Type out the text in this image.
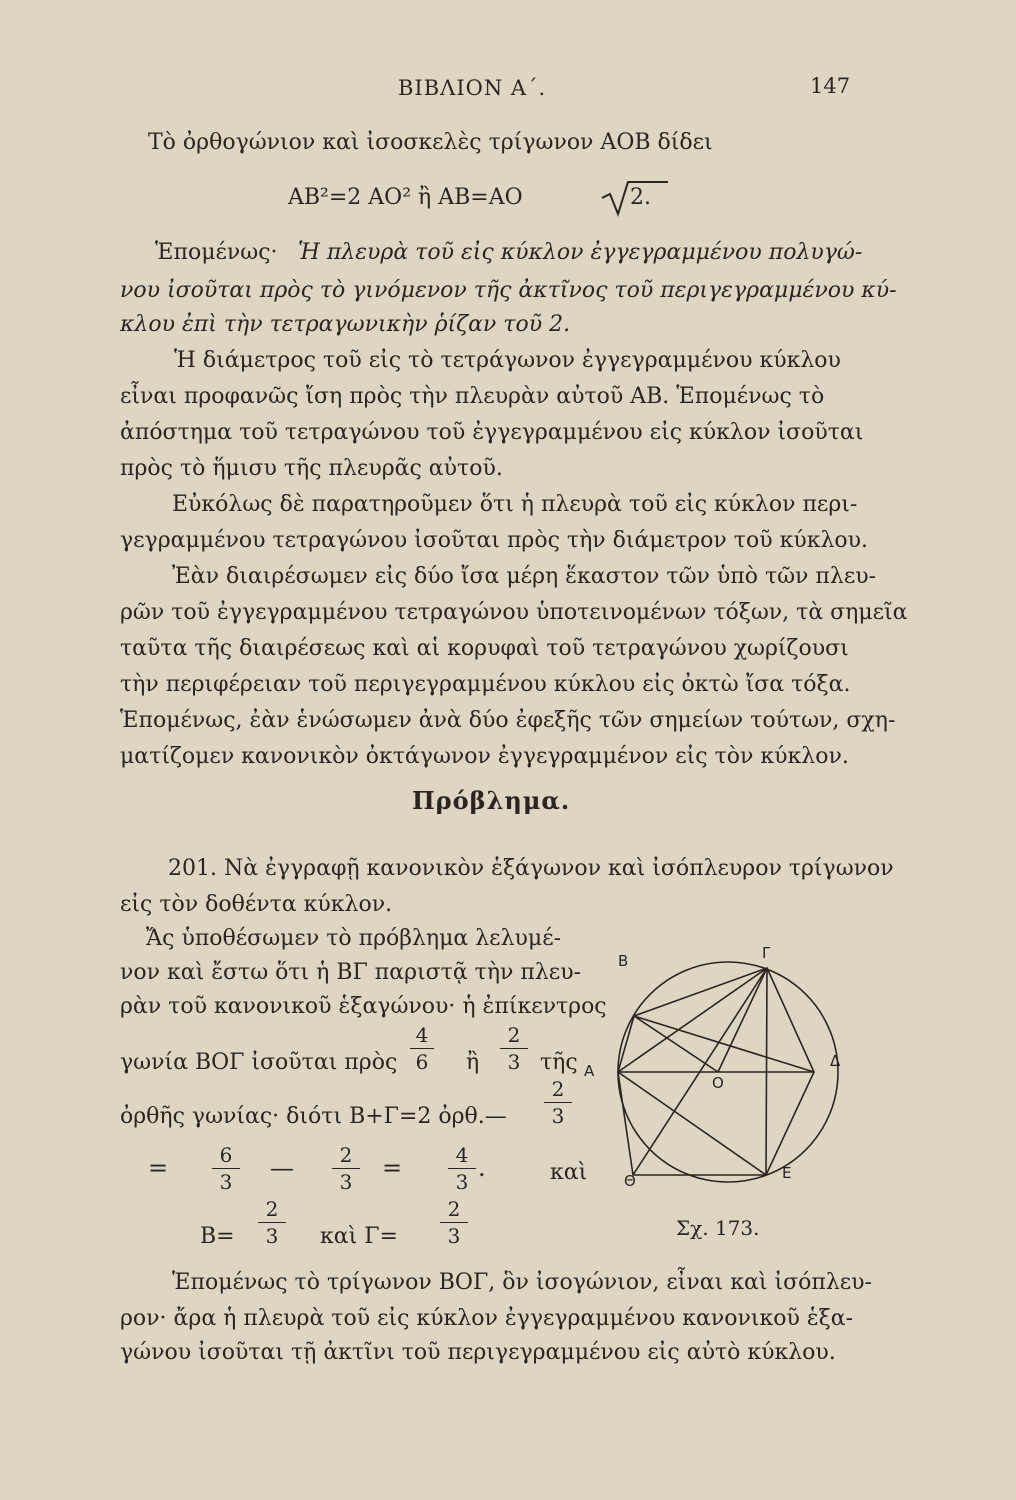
ΒΙΒΛΙΟΝ Α΄.	147
Τὸ ὀρθογώνιον καὶ ἰσοσκελὲς τρίγωνον ΑΟΒ δίδει
ΑΒ²=2 ΑΟ² ἢ ΑΒ=ΑΟ	2.
Ἑπομένως· Ἡ πλευρὰ τοῦ εἰς κύκλον ἐγγεγραμμένου πολυγώ-
νου ἰσοῦται πρὸς τὸ γινόμενον τῆς ἀκτῖνος τοῦ περιγεγραμμένου κύ-
κλου ἐπὶ τὴν τετραγωνικὴν ῥίζαν τοῦ 2.
Ἡ διάμετρος τοῦ εἰς τὸ τετράγωνον ἐγγεγραμμένου κύκλου
εἶναι προφανῶς ἴση πρὸς τὴν πλευρὰν αὐτοῦ ΑΒ. Ἑπομένως τὸ
ἀπόστημα τοῦ τετραγώνου τοῦ ἐγγεγραμμένου εἰς κύκλον ἰσοῦται
πρὸς τὸ ἥμισυ τῆς πλευρᾶς αὐτοῦ.
Εὐκόλως δὲ παρατηροῦμεν ὅτι ἡ πλευρὰ τοῦ εἰς κύκλον περι-
γεγραμμένου τετραγώνου ἰσοῦται πρὸς τὴν διάμετρον τοῦ κύκλου.
Ἐὰν διαιρέσωμεν εἰς δύο ἴσα μέρη ἕκαστον τῶν ὑπὸ τῶν πλευ-
ρῶν τοῦ ἐγγεγραμμένου τετραγώνου ὑποτεινομένων τόξων, τὰ σημεῖα
ταῦτα τῆς διαιρέσεως καὶ αἱ κορυφαὶ τοῦ τετραγώνου χωρίζουσι
τὴν περιφέρειαν τοῦ περιγεγραμμένου κύκλου εἰς ὀκτὼ ἴσα τόξα.
Ἑπομένως, ἐὰν ἑνώσωμεν ἀνὰ δύο ἐφεξῆς τῶν σημείων τούτων, σχη-
ματίζομεν κανονικὸν ὀκτάγωνον ἐγγεγραμμένον εἰς τὸν κύκλον.
Πρόβλημα.
201. Νὰ ἐγγραφῇ κανονικὸν ἑξάγωνον καὶ ἰσόπλευρον τρίγωνον
εἰς τὸν δοθέντα κύκλον.
Ἄς ὑποθέσωμεν τὸ πρόβλημα λελυμέ-
νον καὶ ἔστω ὅτι ἡ ΒΓ παριστᾷ τὴν πλευ-
ρὰν τοῦ κανονικοῦ ἑξαγώνου· ἡ ἐπίκεντρος
γωνία ΒΟΓ ἰσοῦται πρὸς
4
6 ἢ
2
3 τῆς
ὀρθῆς γωνίας· διότι Β+Γ=2 ὀρθ.—
2
3
=	6
3	—	2
3	=	4
3 .	καὶ
Β=
2
3	καὶ Γ=
2
3
Ἑπομένως τὸ τρίγωνον ΒΟΓ, ὃν ἰσογώνιον, εἶναι καὶ ἰσόπλευ-
ρον· ἄρα ἡ πλευρὰ τοῦ εἰς κύκλον ἐγγεγραμμένου κανονικοῦ ἑξα-
γώνου ἰσοῦται τῇ ἀκτῖνι τοῦ περιγεγραμμένου εἰς αὐτὸ κύκλου.
Β	Γ
Α
Δ
Ο
Ε
Θ
Σχ. 173.
